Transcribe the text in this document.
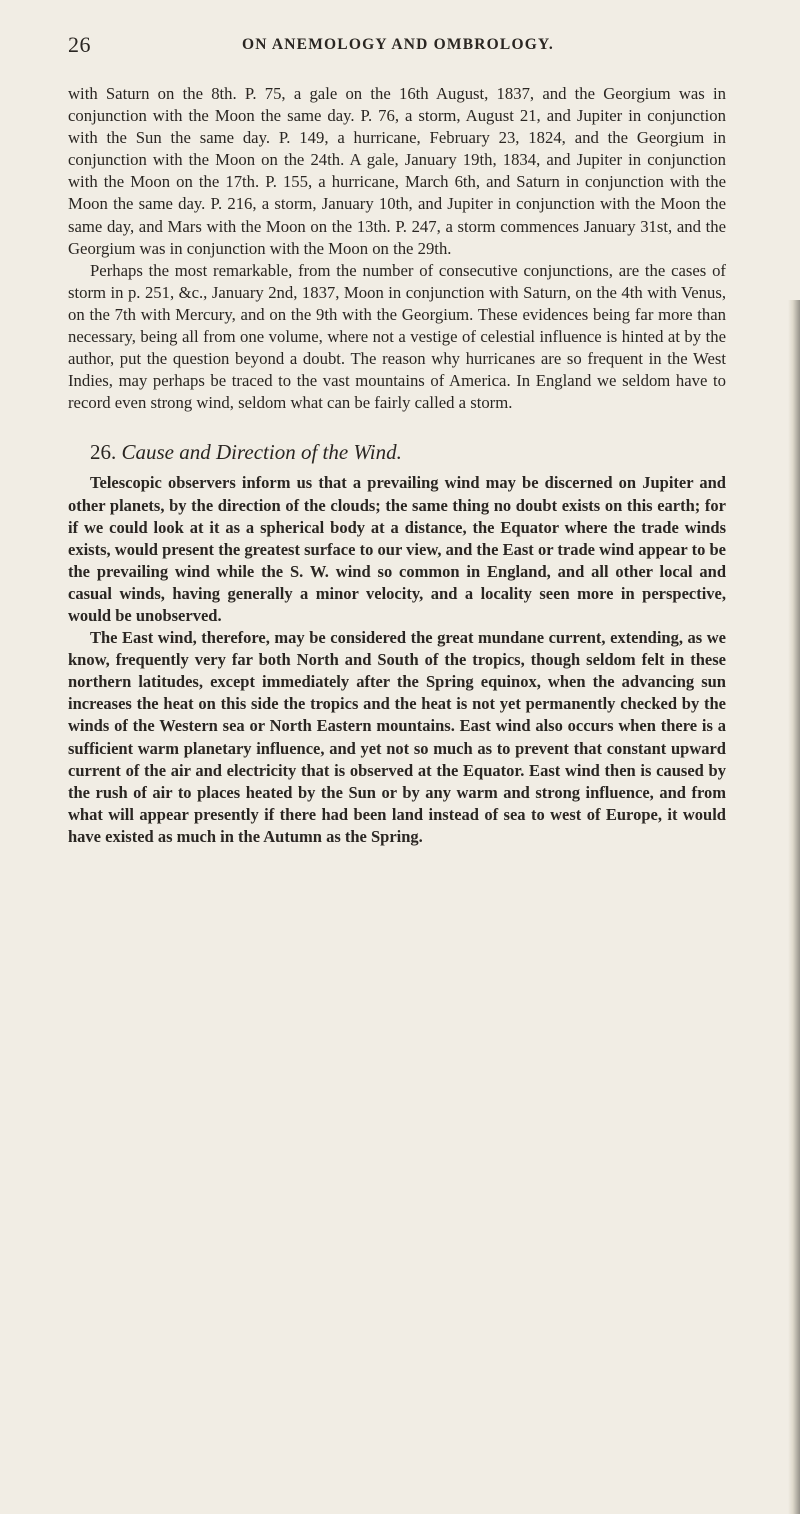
26	ON ANEMOLOGY AND OMBROLOGY.

with Saturn on the 8th. P. 75, a gale on the 16th August, 1837, and the Georgium was in conjunction with the Moon the same day. P. 76, a storm, August 21, and Jupiter in conjunction with the Sun the same day. P. 149, a hurricane, February 23, 1824, and the Georgium in conjunction with the Moon on the 24th. A gale, January 19th, 1834, and Jupiter in conjunction with the Moon on the 17th. P. 155, a hurricane, March 6th, and Saturn in conjunction with the Moon the same day. P. 216, a storm, January 10th, and Jupiter in conjunction with the Moon the same day, and Mars with the Moon on the 13th. P. 247, a storm commences January 31st, and the Georgium was in conjunction with the Moon on the 29th.

Perhaps the most remarkable, from the number of consecutive conjunctions, are the cases of storm in p. 251, &c., January 2nd, 1837, Moon in conjunction with Saturn, on the 4th with Venus, on the 7th with Mercury, and on the 9th with the Georgium. These evidences being far more than necessary, being all from one volume, where not a vestige of celestial influence is hinted at by the author, put the question beyond a doubt. The reason why hurricanes are so frequent in the West Indies, may perhaps be traced to the vast mountains of America. In England we seldom have to record even strong wind, seldom what can be fairly called a storm.

26. Cause and Direction of the Wind.

Telescopic observers inform us that a prevailing wind may be discerned on Jupiter and other planets, by the direction of the clouds; the same thing no doubt exists on this earth; for if we could look at it as a spherical body at a distance, the Equator where the trade winds exists, would present the greatest surface to our view, and the East or trade wind appear to be the prevailing wind while the S. W. wind so common in England, and all other local and casual winds, having generally a minor velocity, and a locality seen more in perspective, would be unobserved.

The East wind, therefore, may be considered the great mundane current, extending, as we know, frequently very far both North and South of the tropics, though seldom felt in these northern latitudes, except immediately after the Spring equinox, when the advancing sun increases the heat on this side the tropics and the heat is not yet permanently checked by the winds of the Western sea or North Eastern mountains. East wind also occurs when there is a sufficient warm planetary influence, and yet not so much as to prevent that constant upward current of the air and electricity that is observed at the Equator. East wind then is caused by the rush of air to places heated by the Sun or by any warm and strong influence, and from what will appear presently if there had been land instead of sea to west of Europe, it would have existed as much in the Autumn as the Spring.
